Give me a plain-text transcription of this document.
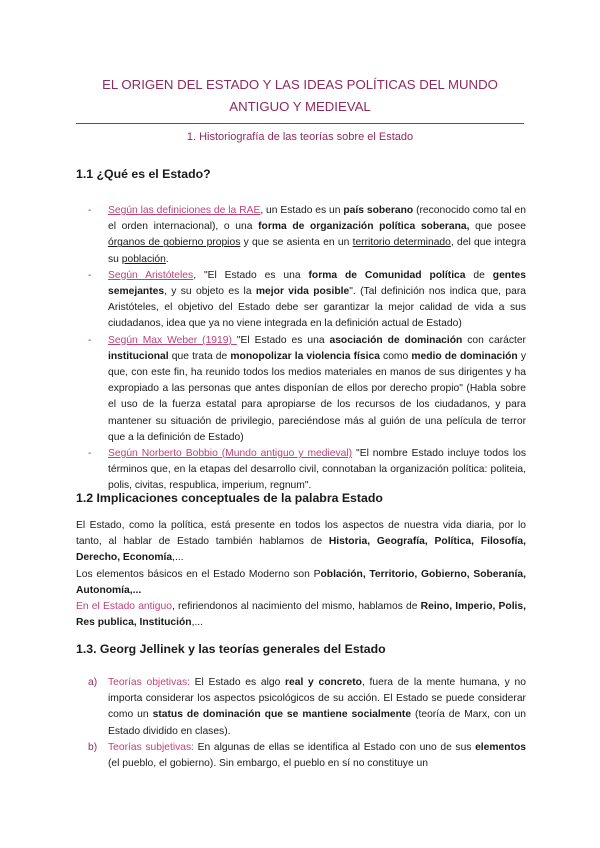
EL ORIGEN DEL ESTADO Y LAS IDEAS POLÍTICAS DEL MUNDO
ANTIGUO Y MEDIEVAL
1. Historiografía de las teorías sobre el Estado
1.1 ¿Qué es el Estado?
- Según las definiciones de la RAE, un Estado es un país soberano (reconocido como tal en el orden internacional), o una forma de organización política soberana, que posee órganos de gobierno propios y que se asienta en un territorio determinado, del que integra su población.
- Según Aristóteles, "El Estado es una forma de Comunidad política de gentes semejantes, y su objeto es la mejor vida posible". (Tal definición nos indica que, para Aristóteles, el objetivo del Estado debe ser garantizar la mejor calidad de vida a sus ciudadanos, idea que ya no viene integrada en la definición actual de Estado)
- Según Max Weber (1919) "El Estado es una asociación de dominación con carácter institucional que trata de monopolizar la violencia física como medio de dominación y que, con este fin, ha reunido todos los medios materiales en manos de sus dirigentes y ha expropiado a las personas que antes disponían de ellos por derecho propio" (Habla sobre el uso de la fuerza estatal para apropiarse de los recursos de los ciudadanos, y para mantener su situación de privilegio, pareciéndose más al guión de una película de terror que a la definición de Estado)
- Según Norberto Bobbio (Mundo antiguo y medieval) "El nombre Estado incluye todos los términos que, en la etapas del desarrollo civil, connotaban la organización política: politeia, polis, civitas, respublica, imperium, regnum".
1.2 Implicaciones conceptuales de la palabra Estado
El Estado, como la política, está presente en todos los aspectos de nuestra vida diaria, por lo tanto, al hablar de Estado también hablamos de Historia, Geografía, Política, Filosofía, Derecho, Economía,...
Los elementos básicos en el Estado Moderno son Población, Territorio, Gobierno, Soberanía, Autonomía,...
En el Estado antiguo, refiriendonos al nacimiento del mismo, hablamos de Reino, Imperio, Polis, Res publica, Institución,...
1.3. Georg Jellinek y las teorías generales del Estado
a) Teorías objetivas: El Estado es algo real y concreto, fuera de la mente humana, y no importa considerar los aspectos psicológicos de su acción. El Estado se puede considerar como un status de dominación que se mantiene socialmente (teoría de Marx, con un Estado dividido en clases).
b) Teorías subjetivas: En algunas de ellas se identifica al Estado con uno de sus elementos (el pueblo, el gobierno). Sin embargo, el pueblo en sí no constituye un
